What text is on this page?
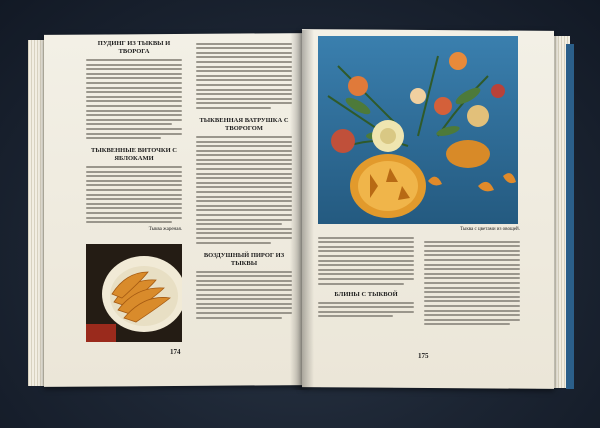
ПУДИНГ ИЗ ТЫКВЫ И ТВОРОГА
ТЫКВЕННЫЕ ВИТОЧКИ С ЯБЛОКАМИ
Тыква жареная.
ТЫКВЕННАЯ ВАТРУШКА С ТВОРОГОМ
ВОЗДУШНЫЙ ПИРОГ ИЗ ТЫКВЫ
174
Тыква с цветами из овощей.
БЛИНЫ С ТЫКВОЙ
175
